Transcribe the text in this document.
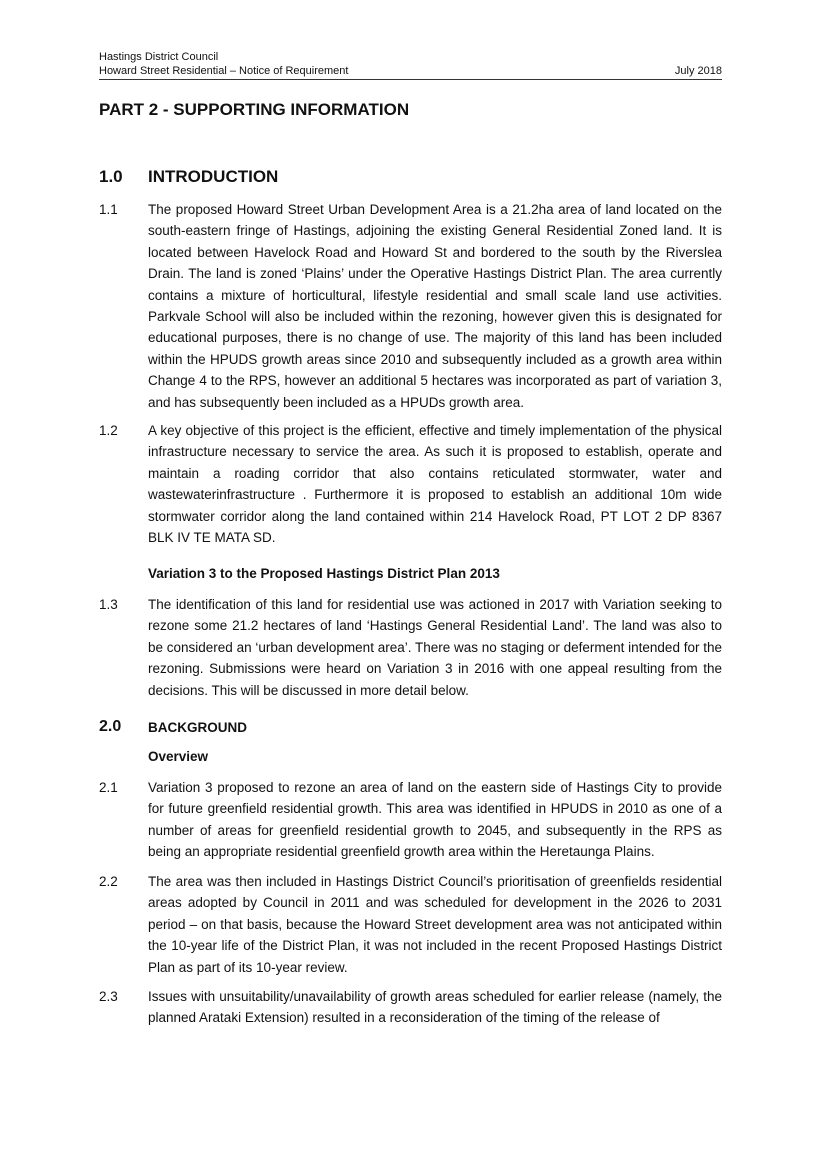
Hastings District Council
Howard Street Residential – Notice of Requirement	July 2018
PART 2 - SUPPORTING INFORMATION
1.0 INTRODUCTION
1.1 The proposed Howard Street Urban Development Area is a 21.2ha area of land located on the south-eastern fringe of Hastings, adjoining the existing General Residential Zoned land. It is located between Havelock Road and Howard St and bordered to the south by the Riverslea Drain. The land is zoned ‘Plains’ under the Operative Hastings District Plan. The area currently contains a mixture of horticultural, lifestyle residential and small scale land use activities. Parkvale School will also be included within the rezoning, however given this is designated for educational purposes, there is no change of use. The majority of this land has been included within the HPUDS growth areas since 2010 and subsequently included as a growth area within Change 4 to the RPS, however an additional 5 hectares was incorporated as part of variation 3, and has subsequently been included as a HPUDs growth area.

1.2 A key objective of this project is the efficient, effective and timely implementation of the physical infrastructure necessary to service the area. As such it is proposed to establish, operate and maintain a roading corridor that also contains reticulated stormwater, water and wastewaterinfrastructure . Furthermore it is proposed to establish an additional 10m wide stormwater corridor along the land contained within 214 Havelock Road, PT LOT 2 DP 8367 BLK IV TE MATA SD.

Variation 3 to the Proposed Hastings District Plan 2013
1.3 The identification of this land for residential use was actioned in 2017 with Variation seeking to rezone some 21.2 hectares of land ‘Hastings General Residential Land’. The land was also to be considered an ‘urban development area’. There was no staging or deferment intended for the rezoning. Submissions were heard on Variation 3 in 2016 with one appeal resulting from the decisions. This will be discussed in more detail below.

2.0 BACKGROUND
Overview
2.1 Variation 3 proposed to rezone an area of land on the eastern side of Hastings City to provide for future greenfield residential growth. This area was identified in HPUDS in 2010 as one of a number of areas for greenfield residential growth to 2045, and subsequently in the RPS as being an appropriate residential greenfield growth area within the Heretaunga Plains.

2.2 The area was then included in Hastings District Council’s prioritisation of greenfields residential areas adopted by Council in 2011 and was scheduled for development in the 2026 to 2031 period – on that basis, because the Howard Street development area was not anticipated within the 10-year life of the District Plan, it was not included in the recent Proposed Hastings District Plan as part of its 10-year review.

2.3 Issues with unsuitability/unavailability of growth areas scheduled for earlier release (namely, the planned Arataki Extension) resulted in a reconsideration of the timing of the release of
